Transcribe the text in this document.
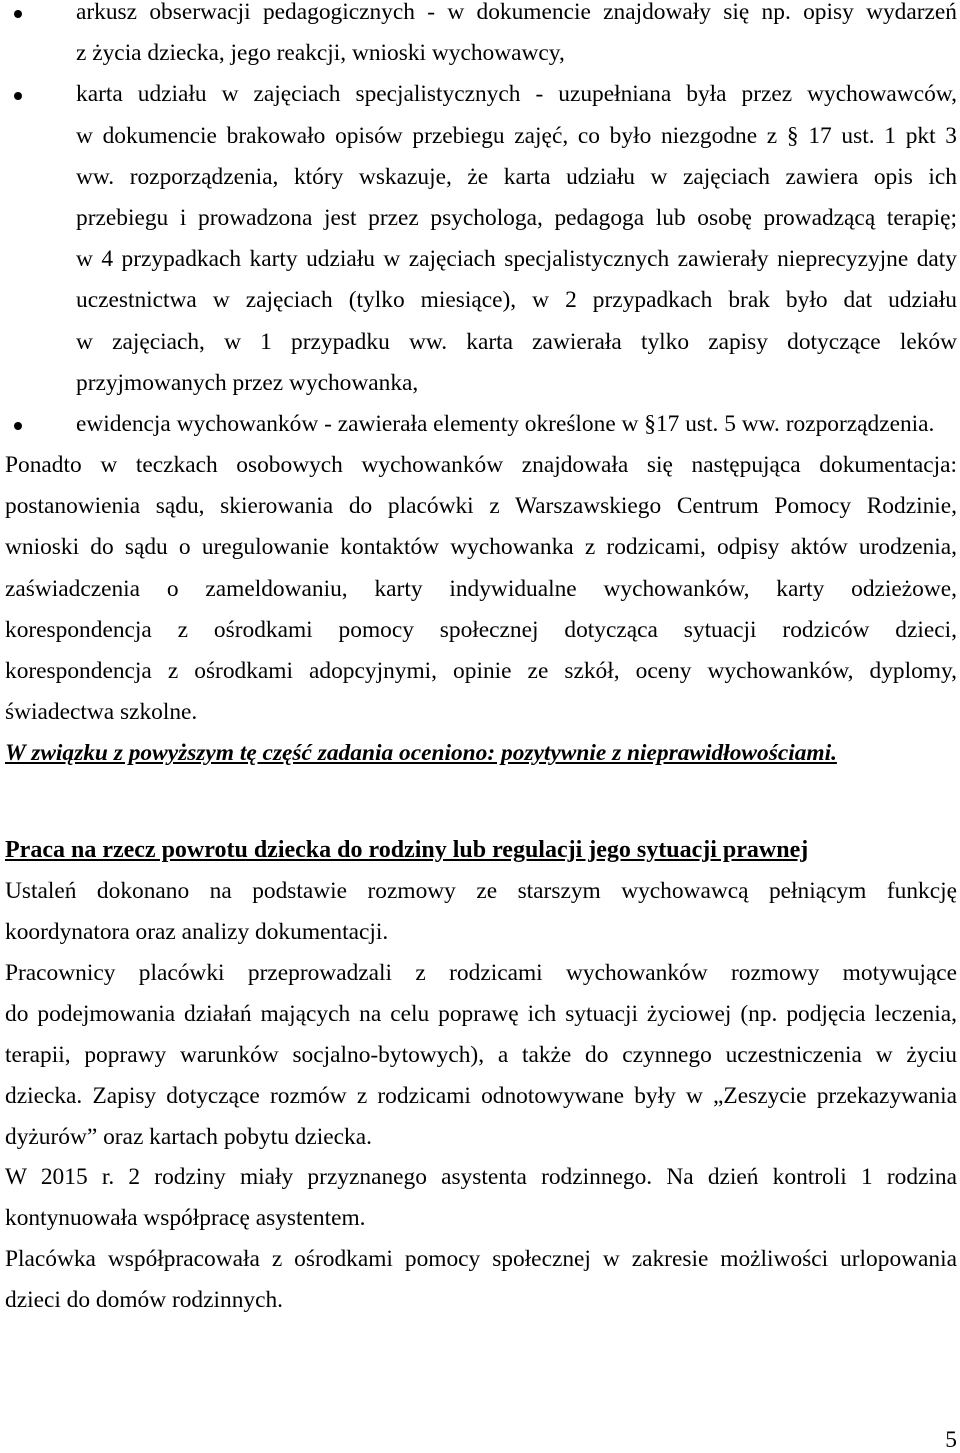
arkusz obserwacji pedagogicznych - w dokumencie znajdowały się np. opisy wydarzeń
z życia dziecka, jego reakcji, wnioski wychowawcy,
karta udziału w zajęciach specjalistycznych - uzupełniana była przez wychowawców,
w dokumencie brakowało opisów przebiegu zajęć, co było niezgodne z § 17 ust. 1 pkt 3
ww. rozporządzenia, który wskazuje, że karta udziału w zajęciach zawiera opis ich
przebiegu i prowadzona jest przez psychologa, pedagoga lub osobę prowadzącą terapię;
w 4 przypadkach karty udziału w zajęciach specjalistycznych zawierały nieprecyzyjne daty
uczestnictwa w zajęciach (tylko miesiące), w 2 przypadkach brak było dat udziału
w zajęciach, w 1 przypadku ww. karta zawierała tylko zapisy dotyczące leków
przyjmowanych przez wychowanka,
ewidencja wychowanków - zawierała elementy określone w §17 ust. 5 ww. rozporządzenia.
Ponadto w teczkach osobowych wychowanków znajdowała się następująca dokumentacja:
postanowienia sądu, skierowania do placówki z Warszawskiego Centrum Pomocy Rodzinie,
wnioski do sądu o uregulowanie kontaktów wychowanka z rodzicami, odpisy aktów urodzenia,
zaświadczenia o zameldowaniu, karty indywidualne wychowanków, karty odzieżowe,
korespondencja z ośrodkami pomocy społecznej dotycząca sytuacji rodziców dzieci,
korespondencja z ośrodkami adopcyjnymi, opinie ze szkół, oceny wychowanków, dyplomy,
świadectwa szkolne.
W związku z powyższym tę część zadania oceniono: pozytywnie z nieprawidłowościami.
Praca na rzecz powrotu dziecka do rodziny lub regulacji jego sytuacji prawnej
Ustaleń dokonano na podstawie rozmowy ze starszym wychowawcą pełniącym funkcję
koordynatora oraz analizy dokumentacji.
Pracownicy placówki przeprowadzali z rodzicami wychowanków rozmowy motywujące
do podejmowania działań mających na celu poprawę ich sytuacji życiowej (np. podjęcia leczenia,
terapii, poprawy warunków socjalno-bytowych), a także do czynnego uczestniczenia w życiu
dziecka. Zapisy dotyczące rozmów z rodzicami odnotowywane były w „Zeszycie przekazywania
dyżurów” oraz kartach pobytu dziecka.
W 2015 r. 2 rodziny miały przyznanego asystenta rodzinnego. Na dzień kontroli 1 rodzina
kontynuowała współpracę asystentem.
Placówka współpracowała z ośrodkami pomocy społecznej w zakresie możliwości urlopowania
dzieci do domów rodzinnych.
5
